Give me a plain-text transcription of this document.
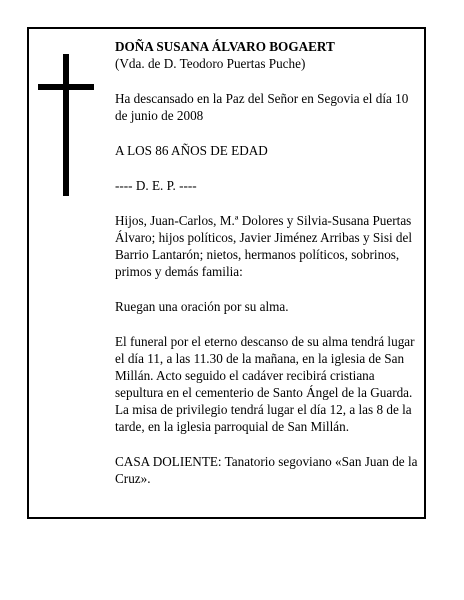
DOÑA SUSANA ÁLVARO BOGAERT

(Vda. de D. Teodoro Puertas Puche)

Ha descansado en la Paz del Señor en Segovia el día 10 de junio de 2008

A LOS 86 AÑOS DE EDAD

---- D. E. P. ----

Hijos, Juan-Carlos, M.ª Dolores y Silvia-Susana Puertas Álvaro; hijos políticos, Javier Jiménez Arribas y Sisi del Barrio Lantarón; nietos, hermanos políticos, sobrinos, primos y demás familia:

Ruegan una oración por su alma.

El funeral por el eterno descanso de su alma tendrá lugar el día 11, a las 11.30 de la mañana, en la iglesia de San Millán. Acto seguido el cadáver recibirá cristiana sepultura en el cementerio de Santo Ángel de la Guarda. La misa de privilegio tendrá lugar el día 12, a las 8 de la tarde, en la iglesia parroquial de San Millán.

CASA DOLIENTE: Tanatorio segoviano «San Juan de la Cruz».
